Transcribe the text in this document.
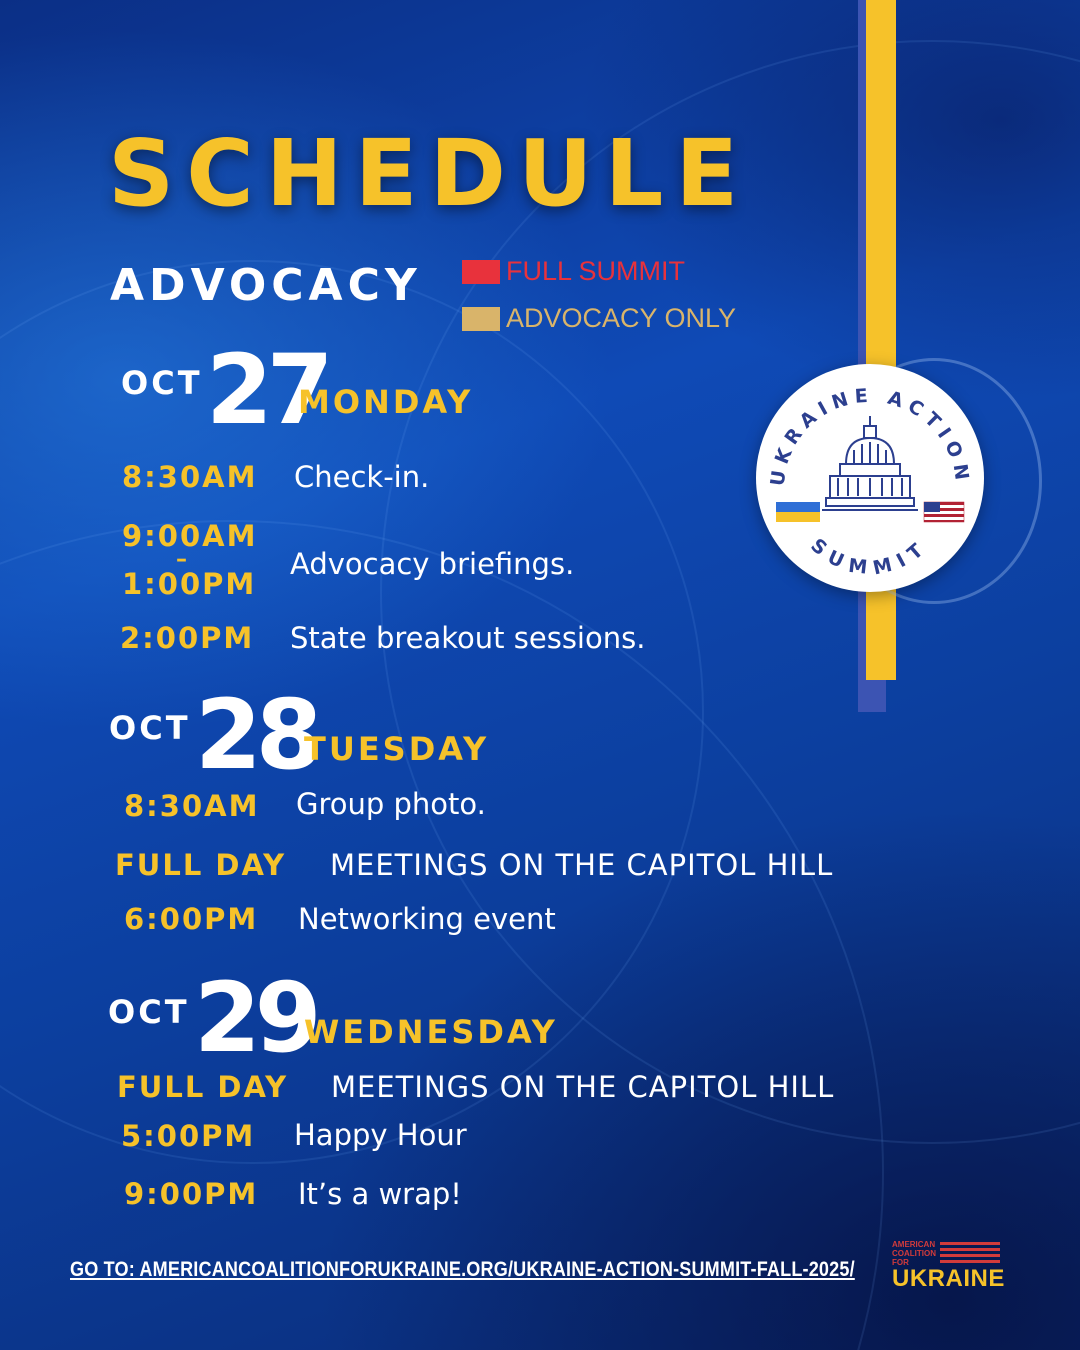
SCHEDULE
ADVOCACY	FULL SUMMIT
ADVOCACY ONLY
UKRAINE ACTION
SUMMIT
OCT 27
MONDAY
8:30AM Check-in.
9:00AM
–
1:00PM
Advocacy briefings.
2:00PM State breakout sessions.
OCT 28
TUESDAY
8:30AM Group photo.
FULL DAY MEETINGS ON THE CAPITOL HILL
6:00PM Networking event
OCT 29
WEDNESDAY
FULL DAY MEETINGS ON THE CAPITOL HILL
5:00PM Happy Hour
9:00PM It’s a wrap!
GO TO: AMERICANCOALITIONFORUKRAINE.ORG/UKRAINE-ACTION-SUMMIT-FALL-2025/
AMERICAN COALITION FOR
UKRAINE
